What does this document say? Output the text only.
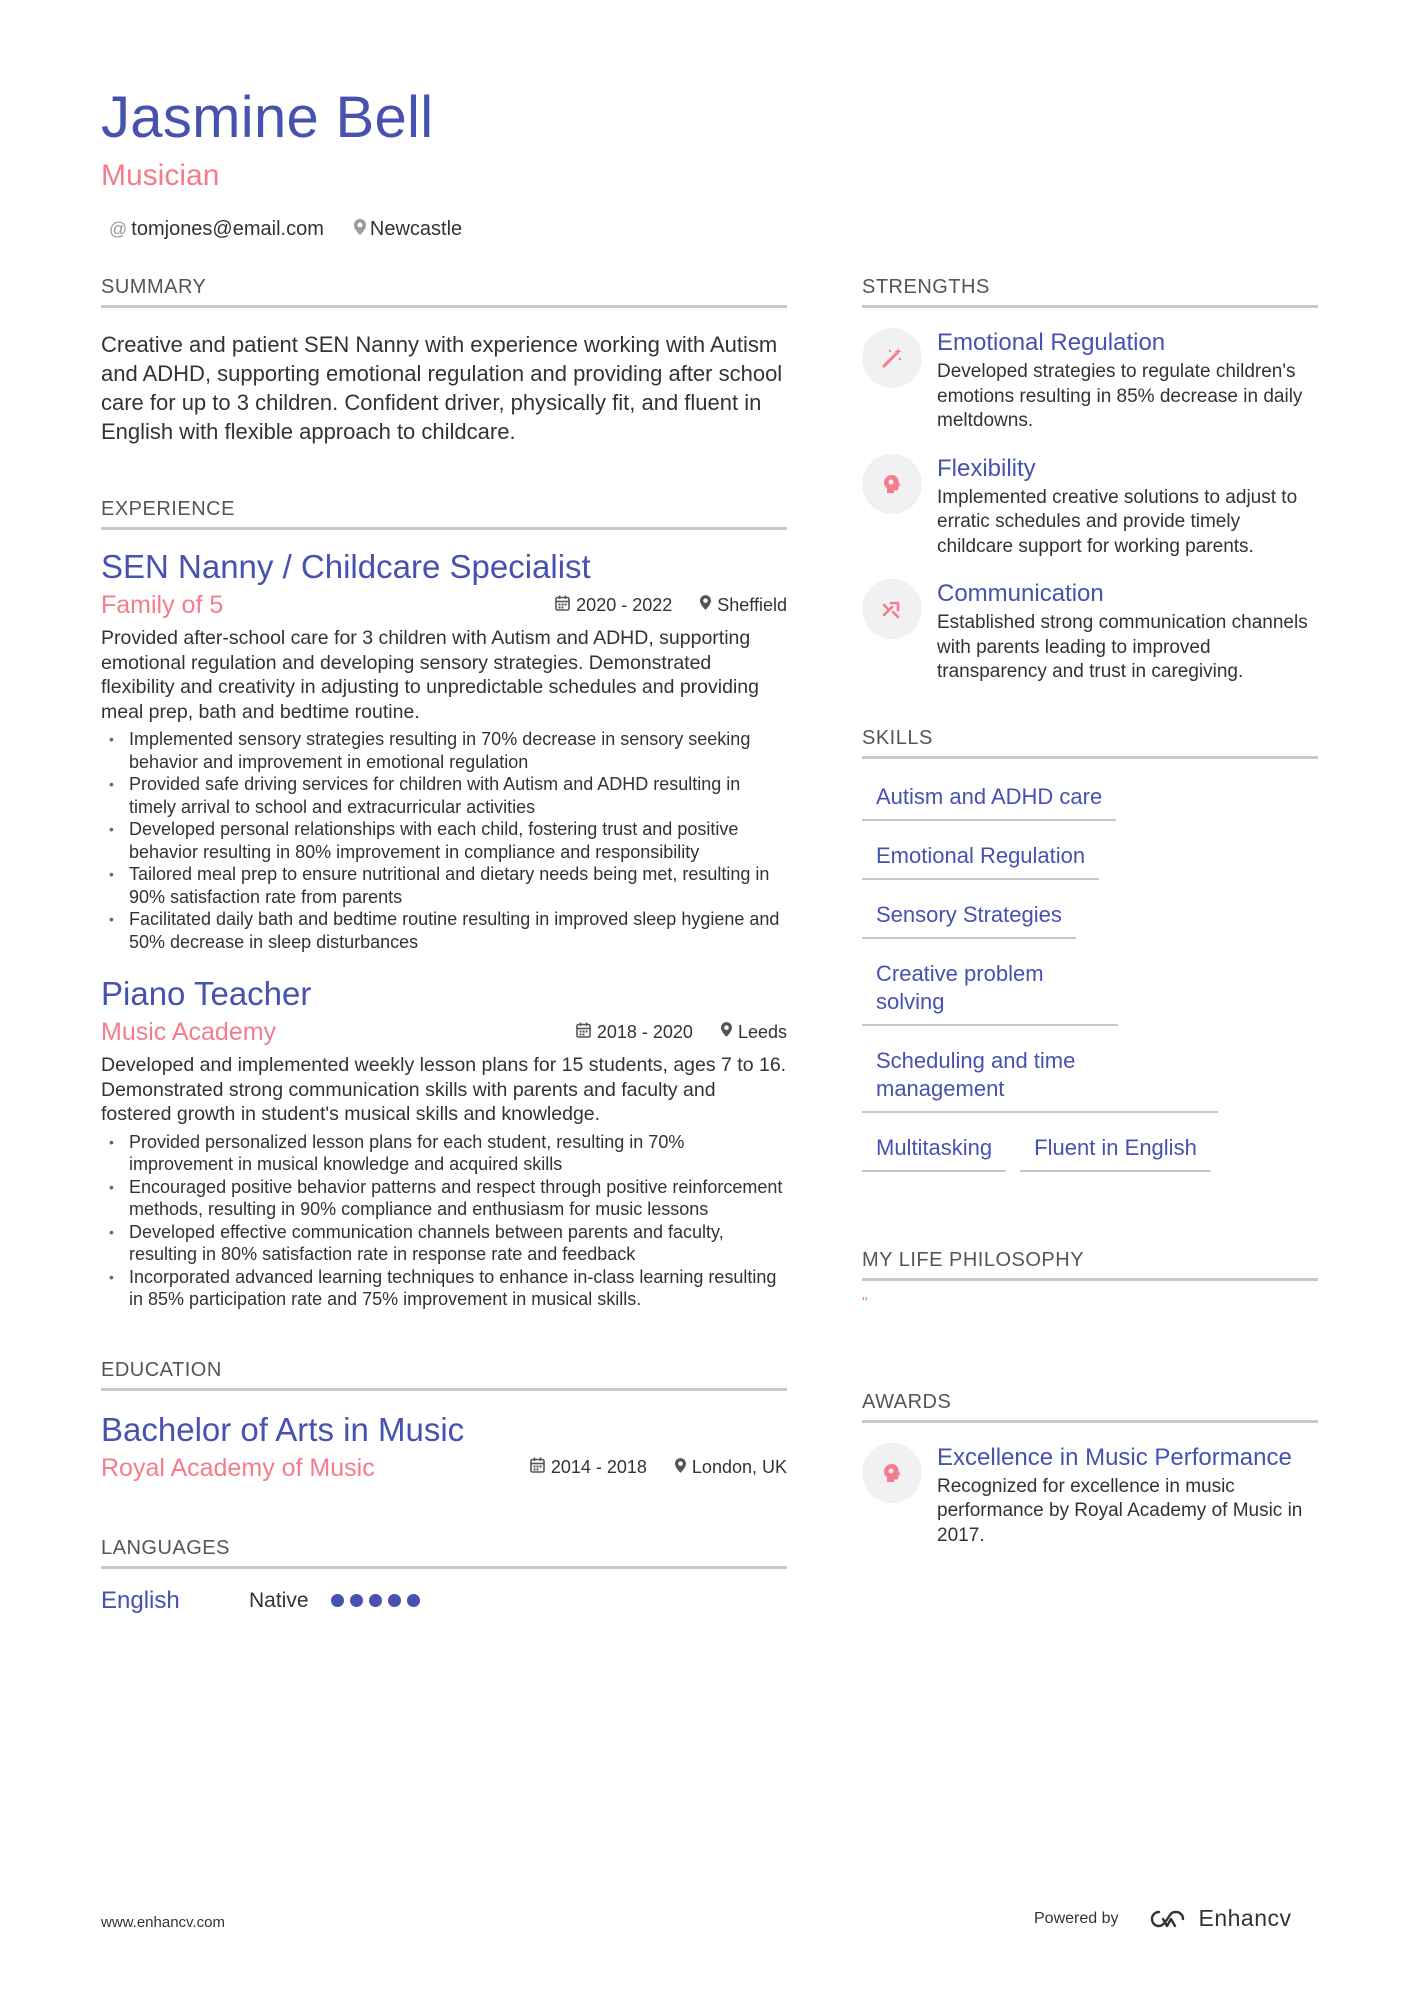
Jasmine Bell
Musician
@ tomjones@email.com Newcastle
SUMMARY
Creative and patient SEN Nanny with experience working with Autism and ADHD, supporting emotional regulation and providing after school care for up to 3 children. Confident driver, physically fit, and fluent in English with flexible approach to childcare.
EXPERIENCE
SEN Nanny / Childcare Specialist
Family of 5	2020 - 2022	Sheffield
Provided after-school care for 3 children with Autism and ADHD, supporting emotional regulation and developing sensory strategies. Demonstrated flexibility and creativity in adjusting to unpredictable schedules and providing meal prep, bath and bedtime routine.
• Implemented sensory strategies resulting in 70% decrease in sensory seeking behavior and improvement in emotional regulation
• Provided safe driving services for children with Autism and ADHD resulting in timely arrival to school and extracurricular activities
• Developed personal relationships with each child, fostering trust and positive behavior resulting in 80% improvement in compliance and responsibility
• Tailored meal prep to ensure nutritional and dietary needs being met, resulting in 90% satisfaction rate from parents
• Facilitated daily bath and bedtime routine resulting in improved sleep hygiene and 50% decrease in sleep disturbances
Piano Teacher
Music Academy	2018 - 2020	Leeds
Developed and implemented weekly lesson plans for 15 students, ages 7 to 16. Demonstrated strong communication skills with parents and faculty and fostered growth in student's musical skills and knowledge.
• Provided personalized lesson plans for each student, resulting in 70% improvement in musical knowledge and acquired skills
• Encouraged positive behavior patterns and respect through positive reinforcement methods, resulting in 90% compliance and enthusiasm for music lessons
• Developed effective communication channels between parents and faculty, resulting in 80% satisfaction rate in response rate and feedback
• Incorporated advanced learning techniques to enhance in-class learning resulting in 85% participation rate and 75% improvement in musical skills.
EDUCATION
Bachelor of Arts in Music
Royal Academy of Music	2014 - 2018	London, UK
LANGUAGES
English	Native
STRENGTHS
Emotional Regulation
Developed strategies to regulate children's emotions resulting in 85% decrease in daily meltdowns.
Flexibility
Implemented creative solutions to adjust to erratic schedules and provide timely childcare support for working parents.
Communication
Established strong communication channels with parents leading to improved transparency and trust in caregiving.
SKILLS
Autism and ADHD care
Emotional Regulation
Sensory Strategies
Creative problem solving
Scheduling and time management
Multitasking	Fluent in English
MY LIFE PHILOSOPHY
"
AWARDS
Excellence in Music Performance
Recognized for excellence in music performance by Royal Academy of Music in 2017.
www.enhancv.com	Powered by	Enhancv
